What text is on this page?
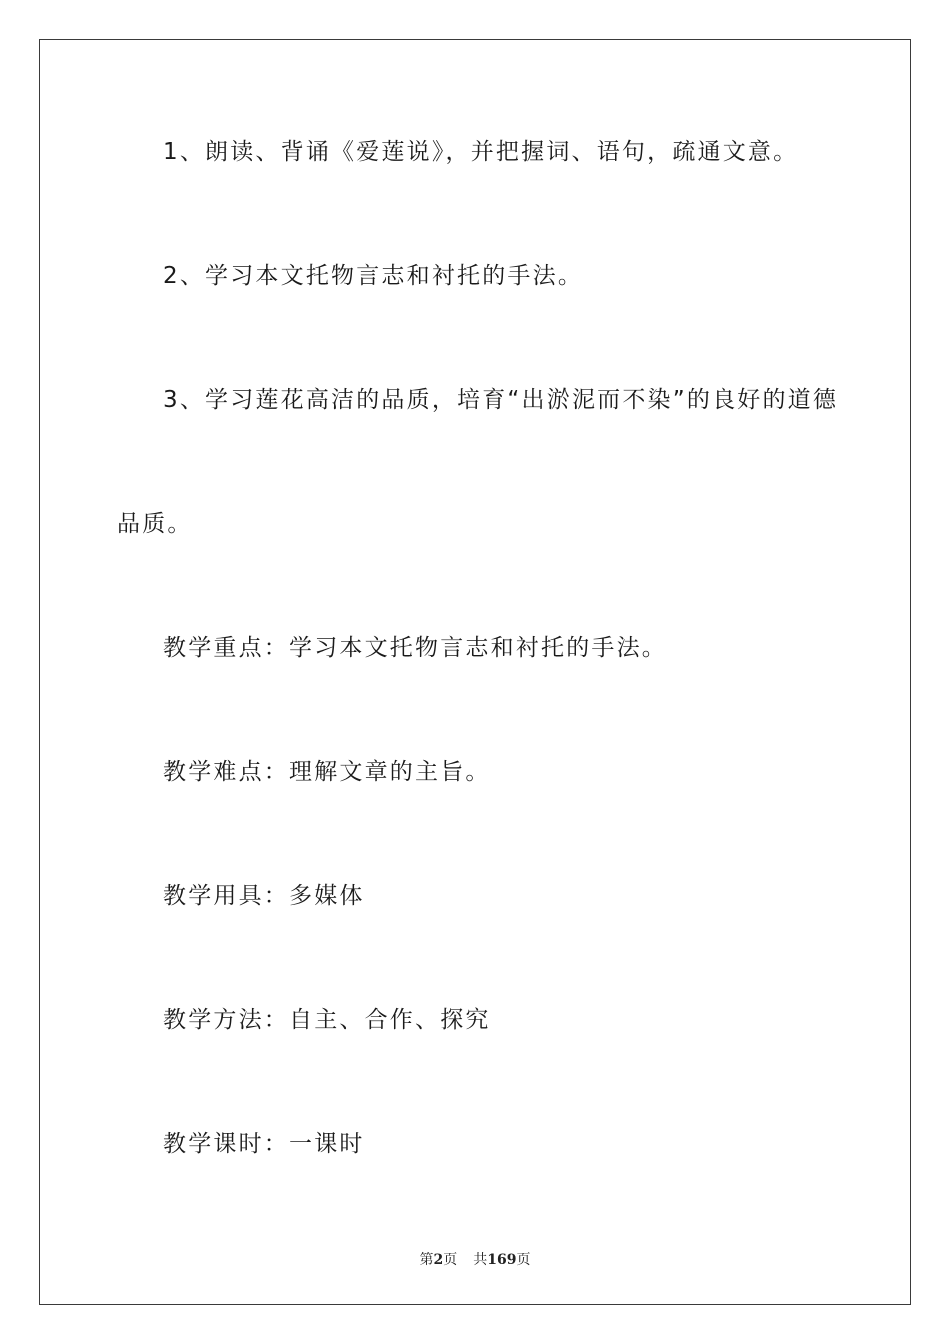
1、朗读、背诵《爱莲说》，并把握词、语句，疏通文意。
2、学习本文托物言志和衬托的手法。
3、学习莲花高洁的品质，培育“出淤泥而不染”的良好的道德
品质。
教学重点：学习本文托物言志和衬托的手法。
教学难点：理解文章的主旨。
教学用具：多媒体
教学方法：自主、合作、探究
教学课时：一课时
第2页 共169页
